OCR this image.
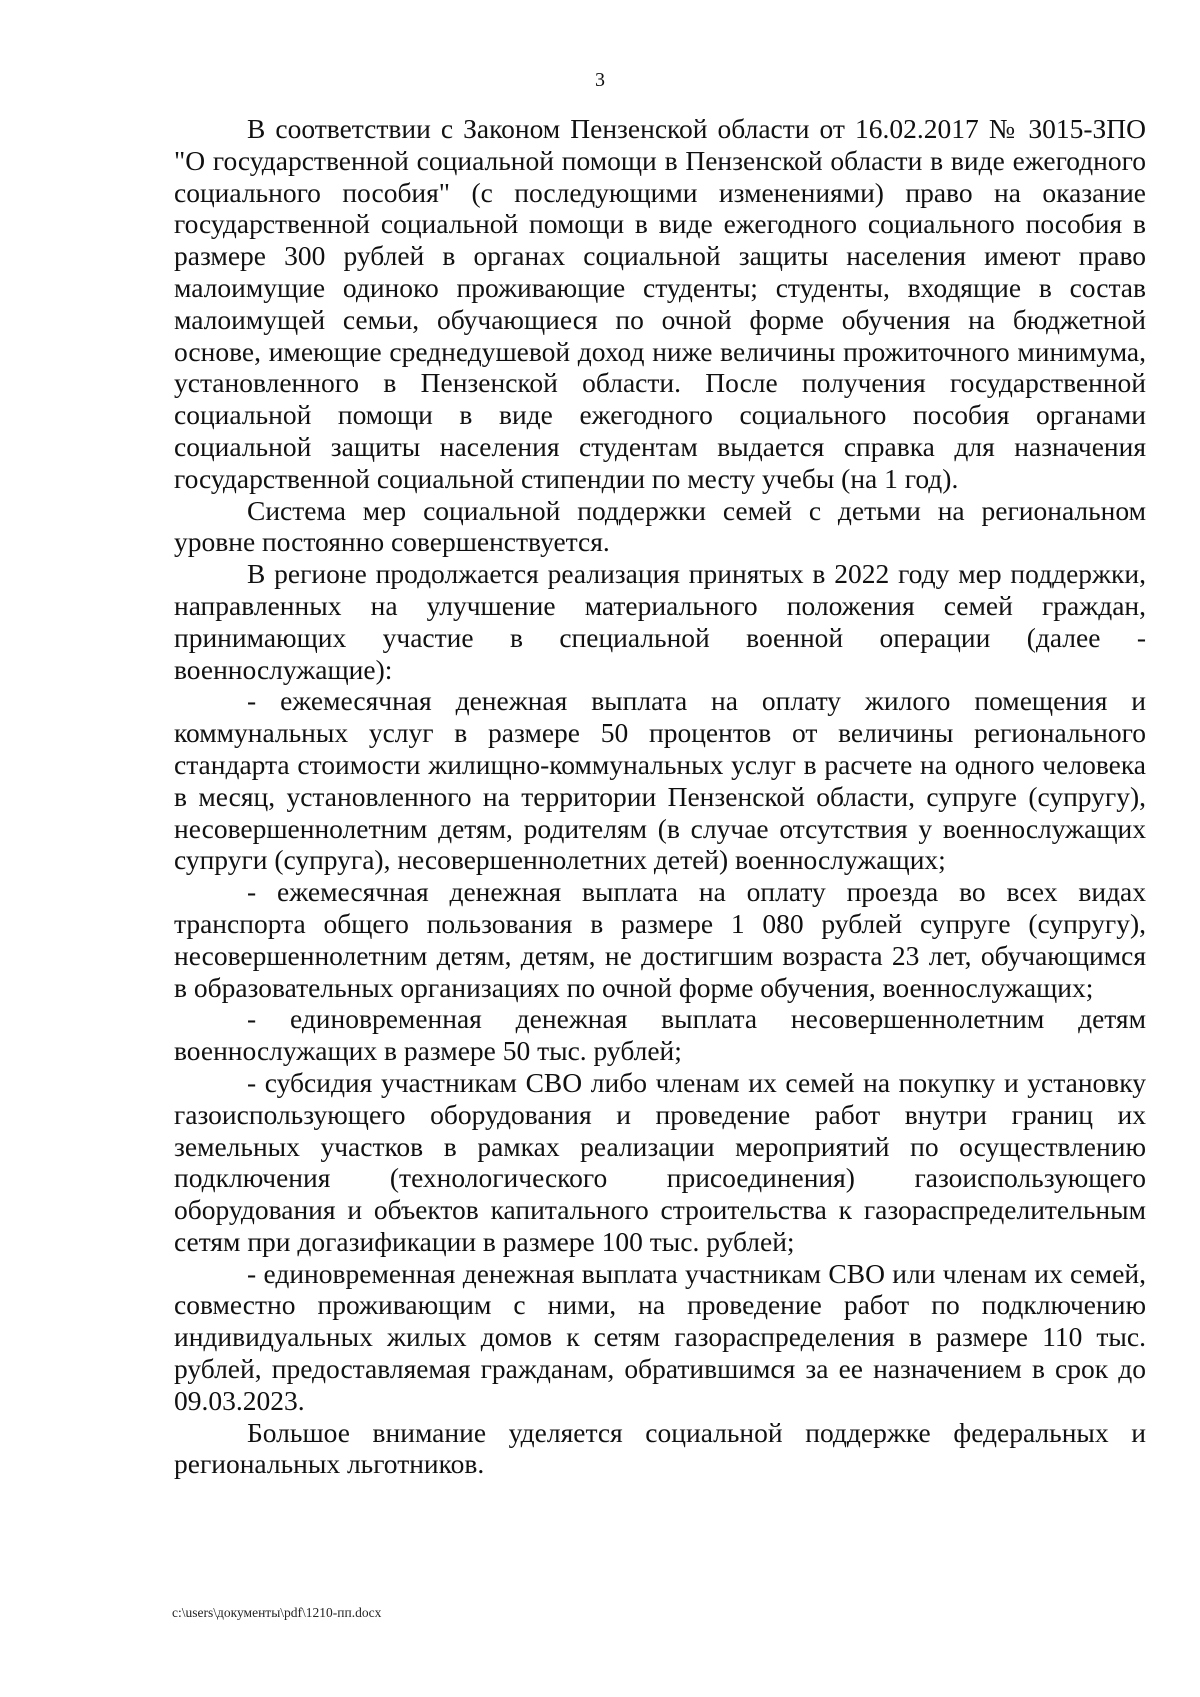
3

В соответствии с Законом Пензенской области от 16.02.2017 № 3015-ЗПО "О государственной социальной помощи в Пензенской области в виде ежегодного социального пособия" (с последующими изменениями) право на оказание государственной социальной помощи в виде ежегодного социального пособия в размере 300 рублей в органах социальной защиты населения имеют право малоимущие одиноко проживающие студенты; студенты, входящие в состав малоимущей семьи, обучающиеся по очной форме обучения на бюджетной основе, имеющие среднедушевой доход ниже величины прожиточного минимума, установленного в Пензенской области. После получения государственной социальной помощи в виде ежегодного социального пособия органами социальной защиты населения студентам выдается справка для назначения государственной социальной стипендии по месту учебы (на 1 год).

Система мер социальной поддержки семей с детьми на региональном уровне постоянно совершенствуется.

В регионе продолжается реализация принятых в 2022 году мер поддержки, направленных на улучшение материального положения семей граждан, принимающих участие в специальной военной операции (далее - военнослужащие):

- ежемесячная денежная выплата на оплату жилого помещения и коммунальных услуг в размере 50 процентов от величины регионального стандарта стоимости жилищно-коммунальных услуг в расчете на одного человека в месяц, установленного на территории Пензенской области, супруге (супругу), несовершеннолетним детям, родителям (в случае отсутствия у военнослужащих супруги (супруга), несовершеннолетних детей) военнослужащих;

- ежемесячная денежная выплата на оплату проезда во всех видах транспорта общего пользования в размере 1 080 рублей супруге (супругу), несовершеннолетним детям, детям, не достигшим возраста 23 лет, обучающимся в образовательных организациях по очной форме обучения, военнослужащих;

- единовременная денежная выплата несовершеннолетним детям военнослужащих в размере 50 тыс. рублей;

- субсидия участникам СВО либо членам их семей на покупку и установку газоиспользующего оборудования и проведение работ внутри границ их земельных участков в рамках реализации мероприятий по осуществлению подключения (технологического присоединения) газоиспользующего оборудования и объектов капитального строительства к газораспределительным сетям при догазификации в размере 100 тыс. рублей;

- единовременная денежная выплата участникам СВО или членам их семей, совместно проживающим с ними, на проведение работ по подключению индивидуальных жилых домов к сетям газораспределения в размере 110 тыс. рублей, предоставляемая гражданам, обратившимся за ее назначением в срок до 09.03.2023.

Большое внимание уделяется социальной поддержке федеральных и региональных льготников.

c:\users\документы\pdf\1210-пп.docx
